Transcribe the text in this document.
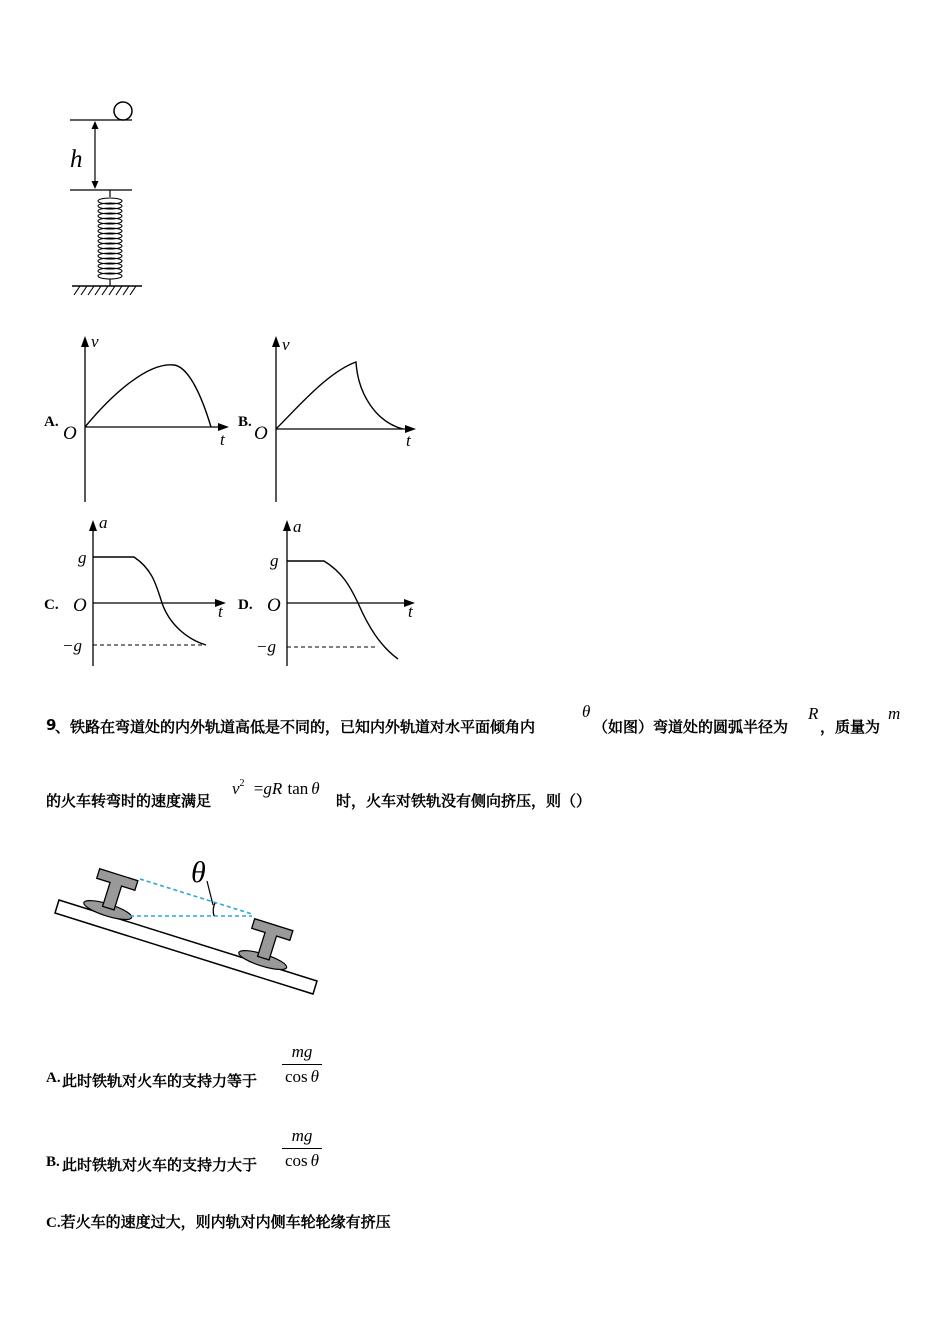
h
A.
v
t
O
B.
v
t
O
C.
a
t
O
g
−g
D.
a
t
O
g
−g
9
、铁路在弯道处的内外轨道高低是不同的，已知内外轨道对水平面倾角内
θ
（如图）弯道处的圆弧半径为
R
，质量为
m
的火车转弯时的速度满足
$v^2 =gR$ tan θ
时，火车对铁轨没有侧向挤压，则（）
θ
A. 此时铁轨对火车的支持力等于 $\frac{mg}{\text{cos θ}}$
B. 此时铁轨对火车的支持力大于 $\frac{mg}{\text{cos θ}}$
C.若火车的速度过大，则内轨对内侧车轮轮缘有挤压
